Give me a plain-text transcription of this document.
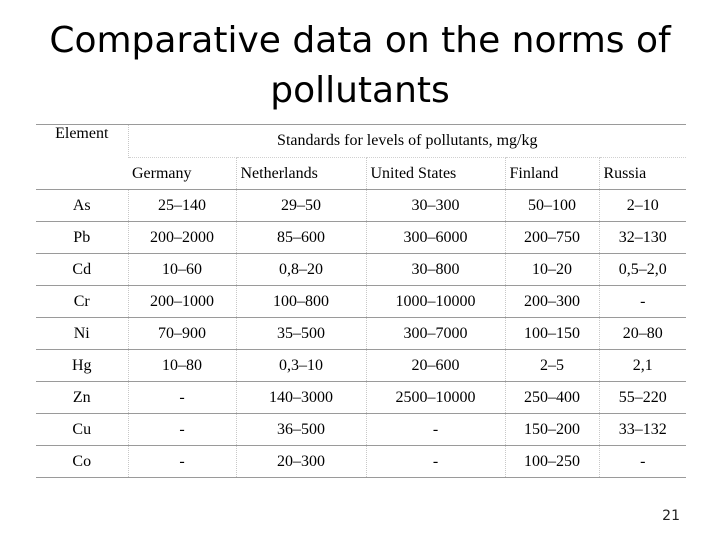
Comparative data on the norms of pollutants
Element	Standards for levels of pollutants, mg/kg				
	Germany	Netherlands	United States	Finland	Russia
As	25–140	29–50	30–300	50–100	2–10
Pb	200–2000	85–600	300–6000	200–750	32–130
Cd	10–60	0,8–20	30–800	10–20	0,5–2,0
Cr	200–1000	100–800	1000–10000	200–300	-
Ni	70–900	35–500	300–7000	100–150	20–80
Hg	10–80	0,3–10	20–600	2–5	2,1
Zn	-	140–3000	2500–10000	250–400	55–220
Cu	-	36–500	-	150–200	33–132
Co	-	20–300	-	100–250	-
21
